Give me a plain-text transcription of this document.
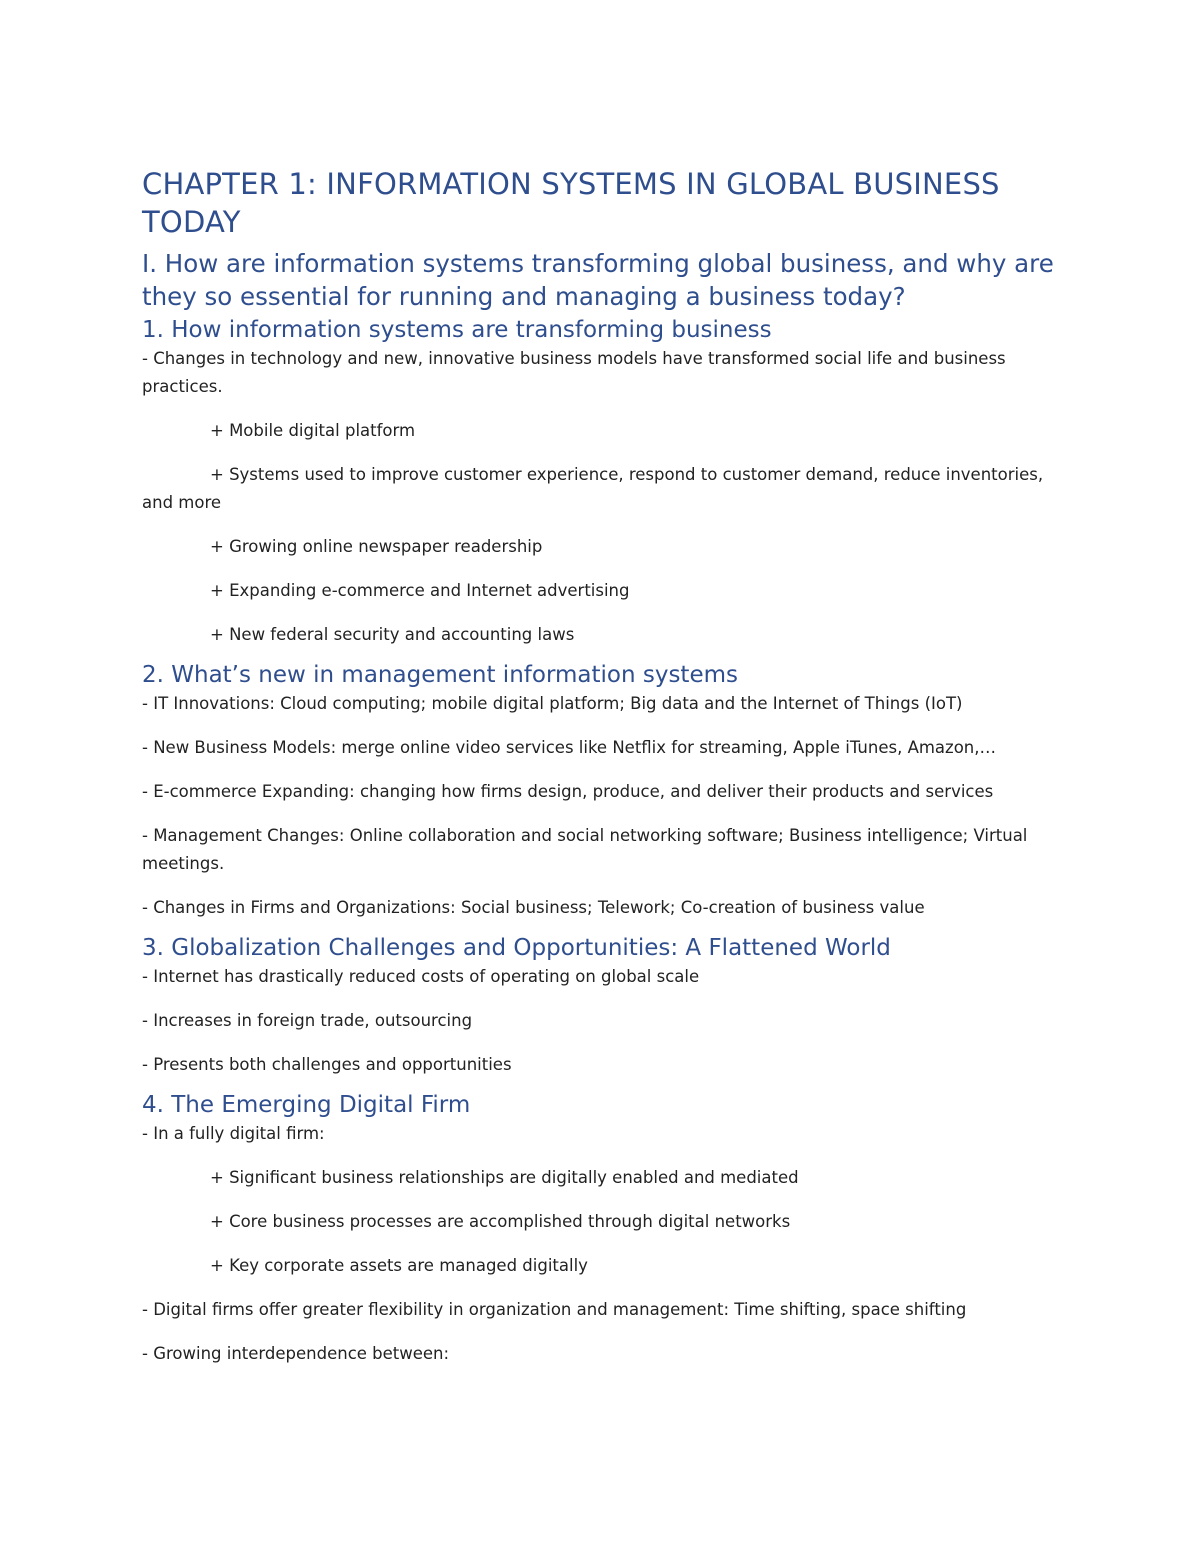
CHAPTER 1: INFORMATION SYSTEMS IN GLOBAL BUSINESS TODAY
I. How are information systems transforming global business, and why are they so essential for running and managing a business today?
1. How information systems are transforming business

- Changes in technology and new, innovative business models have transformed social life and business practices.

+ Mobile digital platform

+ Systems used to improve customer experience, respond to customer demand, reduce inventories, and more

+ Growing online newspaper readership

+ Expanding e-commerce and Internet advertising

+ New federal security and accounting laws

2. What’s new in management information systems

- IT Innovations: Cloud computing; mobile digital platform; Big data and the Internet of Things (IoT)

- New Business Models: merge online video services like Netflix for streaming, Apple iTunes, Amazon,…

- E-commerce Expanding: changing how firms design, produce, and deliver their products and services

- Management Changes: Online collaboration and social networking software; Business intelligence; Virtual meetings.

- Changes in Firms and Organizations: Social business; Telework; Co-creation of business value

3. Globalization Challenges and Opportunities: A Flattened World

- Internet has drastically reduced costs of operating on global scale

- Increases in foreign trade, outsourcing

- Presents both challenges and opportunities

4. The Emerging Digital Firm

- In a fully digital firm:

+ Significant business relationships are digitally enabled and mediated

+ Core business processes are accomplished through digital networks

+ Key corporate assets are managed digitally

- Digital firms offer greater flexibility in organization and management: Time shifting, space shifting

- Growing interdependence between:
